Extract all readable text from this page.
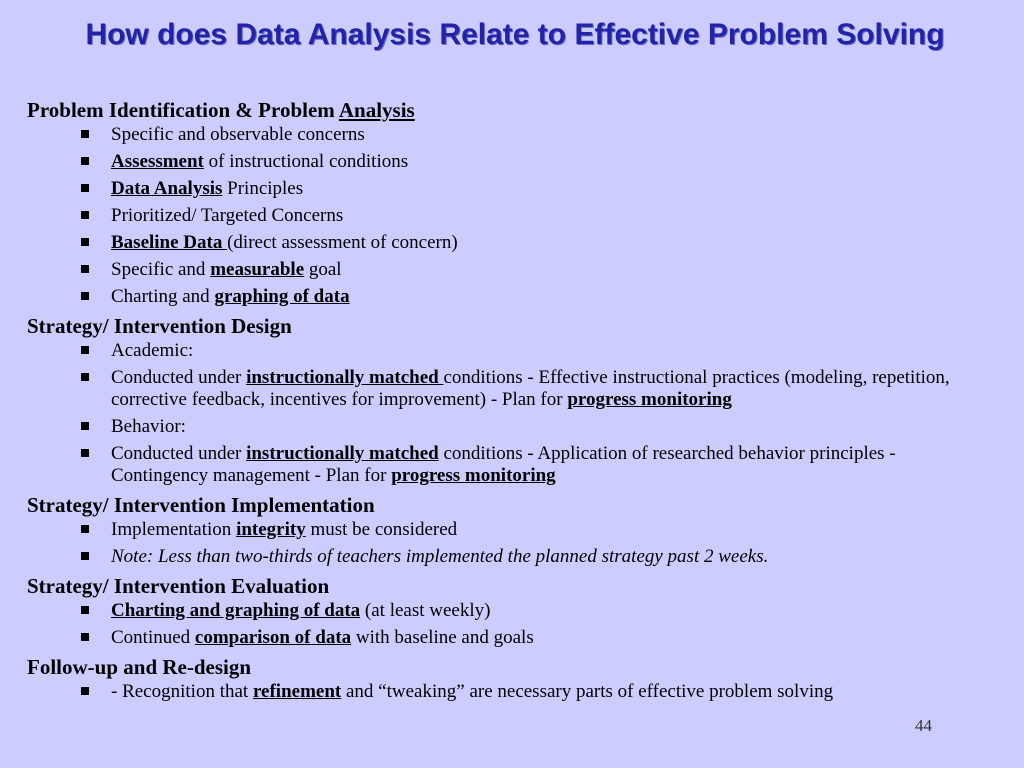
How does Data Analysis Relate to Effective Problem Solving
Problem Identification & Problem Analysis
Specific and observable concerns
Assessment of instructional conditions
Data Analysis Principles
Prioritized/ Targeted Concerns
Baseline Data (direct assessment of concern)
Specific and measurable goal
Charting and graphing of data
Strategy/ Intervention Design
Academic:
Conducted under instructionally matched conditions - Effective instructional practices (modeling, repetition, corrective feedback, incentives for improvement) - Plan for progress monitoring
Behavior:
Conducted under instructionally matched conditions - Application of researched behavior principles - Contingency management - Plan for progress monitoring
Strategy/ Intervention Implementation
Implementation integrity must be considered
Note: Less than two-thirds of teachers implemented the planned strategy past 2 weeks.
Strategy/ Intervention Evaluation
Charting and graphing of data (at least weekly)
Continued comparison of data with baseline and goals
Follow-up and Re-design
- Recognition that refinement and “tweaking” are necessary parts of effective problem solving
44
